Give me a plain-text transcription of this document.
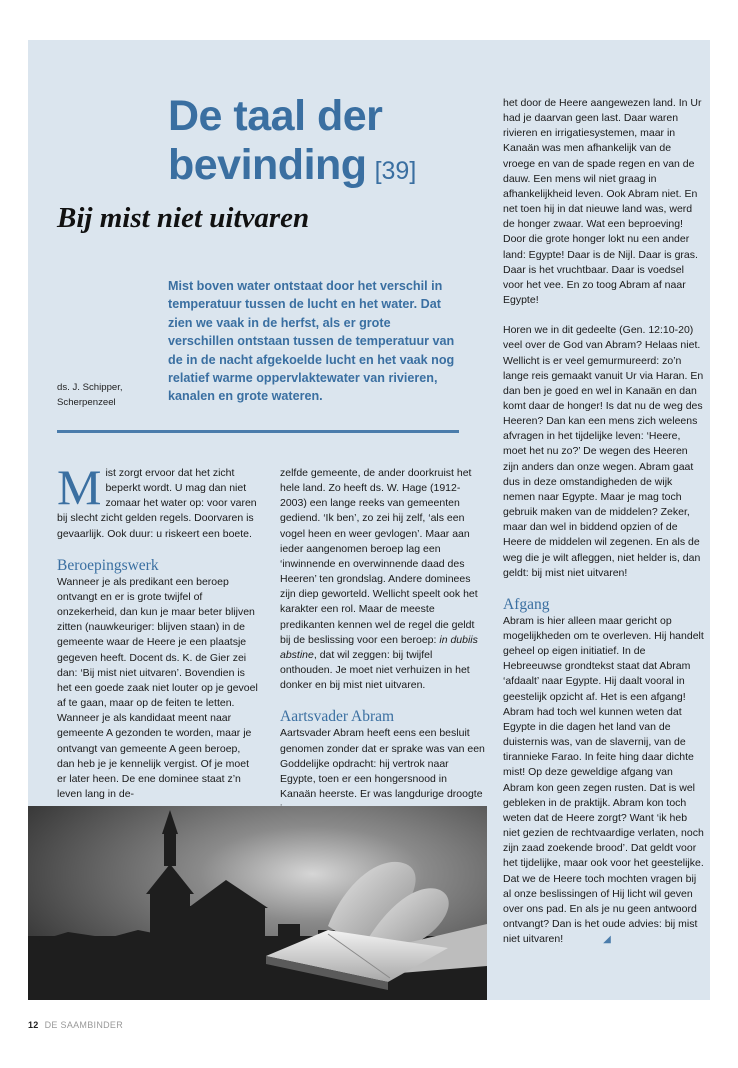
De taal der
bevinding [39]
Bij mist niet uitvaren

Mist boven water ontstaat door het verschil in temperatuur tussen de lucht en het water. Dat zien we vaak in de herfst, als er grote verschillen ontstaan tussen de temperatuur van de in de nacht afgekoelde lucht en het vaak nog relatief warme oppervlaktewater van rivieren, kanalen en grote wateren.

ds. J. Schipper,
Scherpenzeel

Mist zorgt ervoor dat het zicht beperkt wordt. U mag dan niet zomaar het water op: voor varen bij slecht zicht gelden regels. Doorvaren is gevaarlijk. Ook duur: u riskeert een boete.

Beroepingswerk

Wanneer je als predikant een beroep ontvangt en er is grote twijfel of onzekerheid, dan kun je maar beter blijven zitten (nauwkeuriger: blijven staan) in de gemeente waar de Heere je een plaatsje gegeven heeft. Docent ds. K. de Gier zei dan: ‘Bij mist niet uitvaren’. Bovendien is het een goede zaak niet louter op je gevoel af te gaan, maar op de feiten te letten. Wanneer je als kandidaat meent naar gemeente A gezonden te worden, maar je ontvangt van gemeente A geen beroep, dan heb je je kennelijk vergist. Of je moet er later heen. De ene dominee staat z’n leven lang in de-

zelfde gemeente, de ander doorkruist het hele land. Zo heeft ds. W. Hage (1912-2003) een lange reeks van gemeenten gediend. ‘Ik ben’, zo zei hij zelf, ‘als een vogel heen en weer gevlogen’. Maar aan ieder aangenomen beroep lag een ‘inwinnende en overwinnende daad des Heeren’ ten grondslag. Andere dominees zijn diep geworteld. Wellicht speelt ook het karakter een rol. Maar de meeste predikanten kennen wel de regel die geldt bij de beslissing voor een beroep: in dubiis abstine, dat wil zeggen: bij twijfel onthouden. Je moet niet verhuizen in het donker en bij mist niet uitvaren.

Aartsvader Abram

Aartsvader Abram heeft eens een besluit genomen zonder dat er sprake was van een Goddelijke opdracht: hij vertrok naar Egypte, toen er een hongersnood in Kanaän heerste. Er was langdurige droogte

het door de Heere aangewezen land. In Ur had je daarvan geen last. Daar waren rivieren en irrigatiesystemen, maar in Kanaän was men afhankelijk van de vroege en van de spade regen en van de dauw. Een mens wil niet graag in afhankelijkheid leven. Ook Abram niet. En net toen hij in dat nieuwe land was, werd de honger zwaar. Wat een beproeving! Door die grote honger lokt nu een ander land: Egypte! Daar is de Nijl. Daar is gras. Daar is het vruchtbaar. Daar is voedsel voor het vee. En zo toog Abram af naar Egypte!

Horen we in dit gedeelte (Gen. 12:10-20) veel over de God van Abram? Helaas niet. Wellicht is er veel gemurmureerd: zo’n lange reis gemaakt vanuit Ur via Haran. En dan ben je goed en wel in Kanaän en dan komt daar de honger! Is dat nu de weg des Heeren? Dan kan een mens zich weleens afvragen in het tijdelijke leven: ‘Heere, moet het nu zo?’ De wegen des Heeren zijn anders dan onze wegen. Abram gaat dus in deze omstandigheden de wijk nemen naar Egypte. Maar je mag toch gebruik maken van de middelen? Zeker, maar dan wel in biddend opzien of de Heere de middelen wil zegenen. En als de weg die je wilt afleggen, niet helder is, dan geldt: bij mist niet uitvaren!

Afgang

Abram is hier alleen maar gericht op mogelijkheden om te overleven. Hij handelt geheel op eigen initiatief. In de Hebreeuwse grondtekst staat dat Abram ‘afdaalt’ naar Egypte. Hij daalt vooral in geestelijk opzicht af. Het is een afgang! Abram had toch wel kunnen weten dat Egypte in die dagen het land van de duisternis was, van de slavernij, van de tirannieke Farao. In feite hing daar dichte mist! Op deze geweldige afgang van Abram kon geen zegen rusten. Dat is wel gebleken in de praktijk. Abram kon toch weten dat de Heere zorgt? Want ‘ik heb niet gezien de rechtvaardige verlaten, noch zijn zaad zoekende brood’. Dat geldt voor het tijdelijke, maar ook voor het geestelijke.

Dat we de Heere toch mochten vragen bij al onze beslissingen of Hij licht wil geven over ons pad. En als je nu geen antwoord ontvangt? Dan is het oude advies: bij mist niet uitvaren!	◢

12 DE SAAMBINDER
